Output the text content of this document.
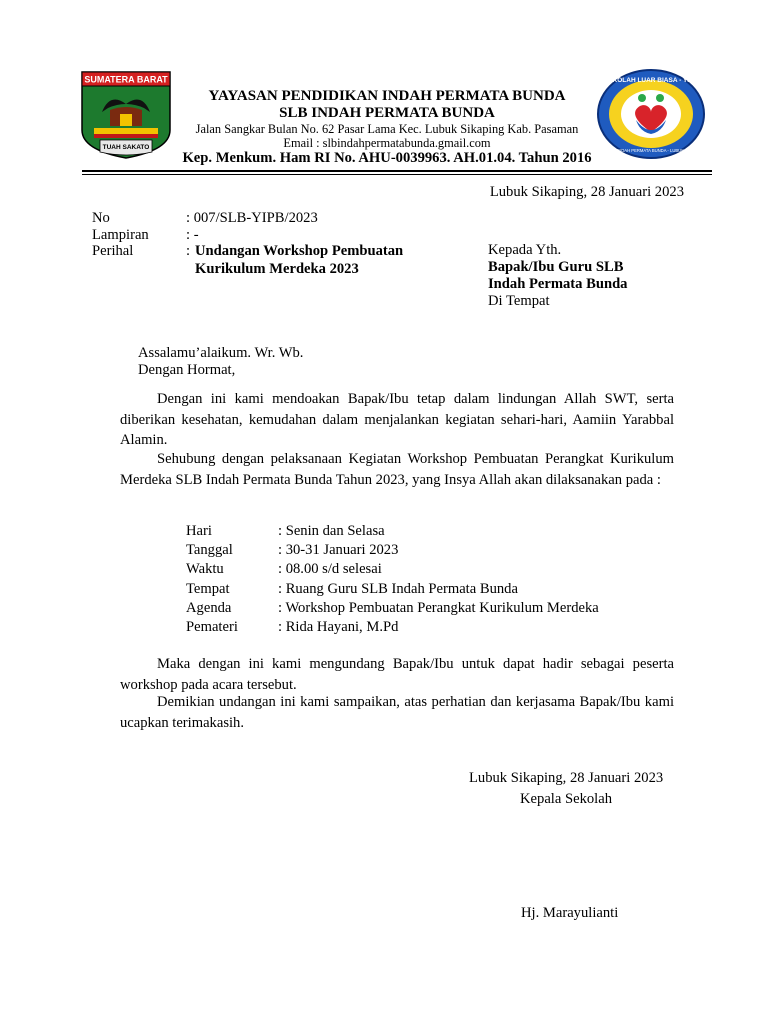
SUMATERA BARAT
TUAH SAKATO
SEKOLAH LUAR BIASA - YIPB
YAYASAN INDAH PERMATA BUNDA - LUBUK SIKAPING
YAYASAN PENDIDIKAN INDAH PERMATA BUNDA
SLB INDAH PERMATA BUNDA
Jalan Sangkar Bulan No. 62 Pasar Lama Kec. Lubuk Sikaping Kab. Pasaman
Email : slbindahpermatabunda.gmail.com
Kep. Menkum. Ham RI No. AHU-0039963. AH.01.04. Tahun 2016
Lubuk Sikaping, 28 Januari 2023
No	: 007/SLB-YIPB/2023
Lampiran	: -
Perihal	: Undangan Workshop Pembuatan
Kurikulum Merdeka 2023
Kepada Yth.
Bapak/Ibu Guru SLB
Indah Permata Bunda
Di Tempat
Assalamu’alaikum. Wr. Wb.
Dengan Hormat,
Dengan ini kami mendoakan Bapak/Ibu tetap dalam lindungan Allah SWT, serta diberikan kesehatan, kemudahan dalam menjalankan kegiatan sehari-hari, Aamiin Yarabbal Alamin.
Sehubung dengan pelaksanaan Kegiatan Workshop Pembuatan Perangkat Kurikulum Merdeka SLB Indah Permata Bunda Tahun 2023, yang Insya Allah akan dilaksanakan pada :
Hari	: Senin dan Selasa
Tanggal	: 30-31 Januari 2023
Waktu	: 08.00 s/d selesai
Tempat	: Ruang Guru SLB Indah Permata Bunda
Agenda	: Workshop Pembuatan Perangkat Kurikulum Merdeka
Pemateri	: Rida Hayani, M.Pd
Maka dengan ini kami mengundang Bapak/Ibu untuk dapat hadir sebagai peserta workshop pada acara tersebut.
Demikian undangan ini kami sampaikan, atas perhatian dan kerjasama Bapak/Ibu kami ucapkan terimakasih.
Lubuk Sikaping, 28 Januari 2023
Kepala Sekolah
Hj. Marayulianti
